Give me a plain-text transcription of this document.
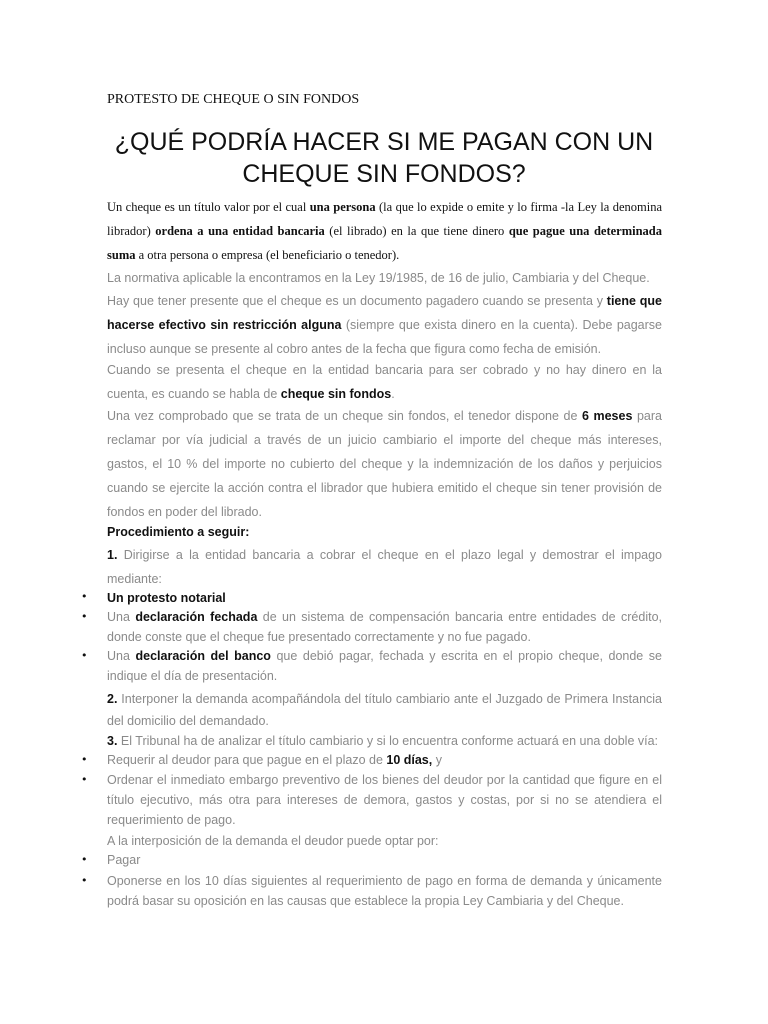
PROTESTO DE CHEQUE O SIN FONDOS
¿QUÉ PODRÍA HACER SI ME PAGAN CON UN CHEQUE SIN FONDOS?
Un cheque es un título valor por el cual una persona (la que lo expide o emite y lo firma -la Ley la denomina librador) ordena a una entidad bancaria (el librado) en la que tiene dinero que pague una determinada suma a otra persona o empresa (el beneficiario o tenedor).
La normativa aplicable la encontramos en la Ley 19/1985, de 16 de julio, Cambiaria y del Cheque.
Hay que tener presente que el cheque es un documento pagadero cuando se presenta y tiene que hacerse efectivo sin restricción alguna (siempre que exista dinero en la cuenta). Debe pagarse incluso aunque se presente al cobro antes de la fecha que figura como fecha de emisión.
Cuando se presenta el cheque en la entidad bancaria para ser cobrado y no hay dinero en la cuenta, es cuando se habla de cheque sin fondos.
Una vez comprobado que se trata de un cheque sin fondos, el tenedor dispone de 6 meses para reclamar por vía judicial a través de un juicio cambiario el importe del cheque más intereses, gastos, el 10 % del importe no cubierto del cheque y la indemnización de los daños y perjuicios cuando se ejercite la acción contra el librador que hubiera emitido el cheque sin tener provisión de fondos en poder del librado.
Procedimiento a seguir:
1. Dirigirse a la entidad bancaria a cobrar el cheque en el plazo legal y demostrar el impago mediante:
• Un protesto notarial
• Una declaración fechada de un sistema de compensación bancaria entre entidades de crédito, donde conste que el cheque fue presentado correctamente y no fue pagado.
• Una declaración del banco que debió pagar, fechada y escrita en el propio cheque, donde se indique el día de presentación.
2. Interponer la demanda acompañándola del título cambiario ante el Juzgado de Primera Instancia del domicilio del demandado.
3. El Tribunal ha de analizar el título cambiario y si lo encuentra conforme actuará en una doble vía:
• Requerir al deudor para que pague en el plazo de 10 días, y
• Ordenar el inmediato embargo preventivo de los bienes del deudor por la cantidad que figure en el título ejecutivo, más otra para intereses de demora, gastos y costas, por si no se atendiera el requerimiento de pago.
A la interposición de la demanda el deudor puede optar por:
• Pagar
• Oponerse en los 10 días siguientes al requerimiento de pago en forma de demanda y únicamente podrá basar su oposición en las causas que establece la propia Ley Cambiaria y del Cheque.
